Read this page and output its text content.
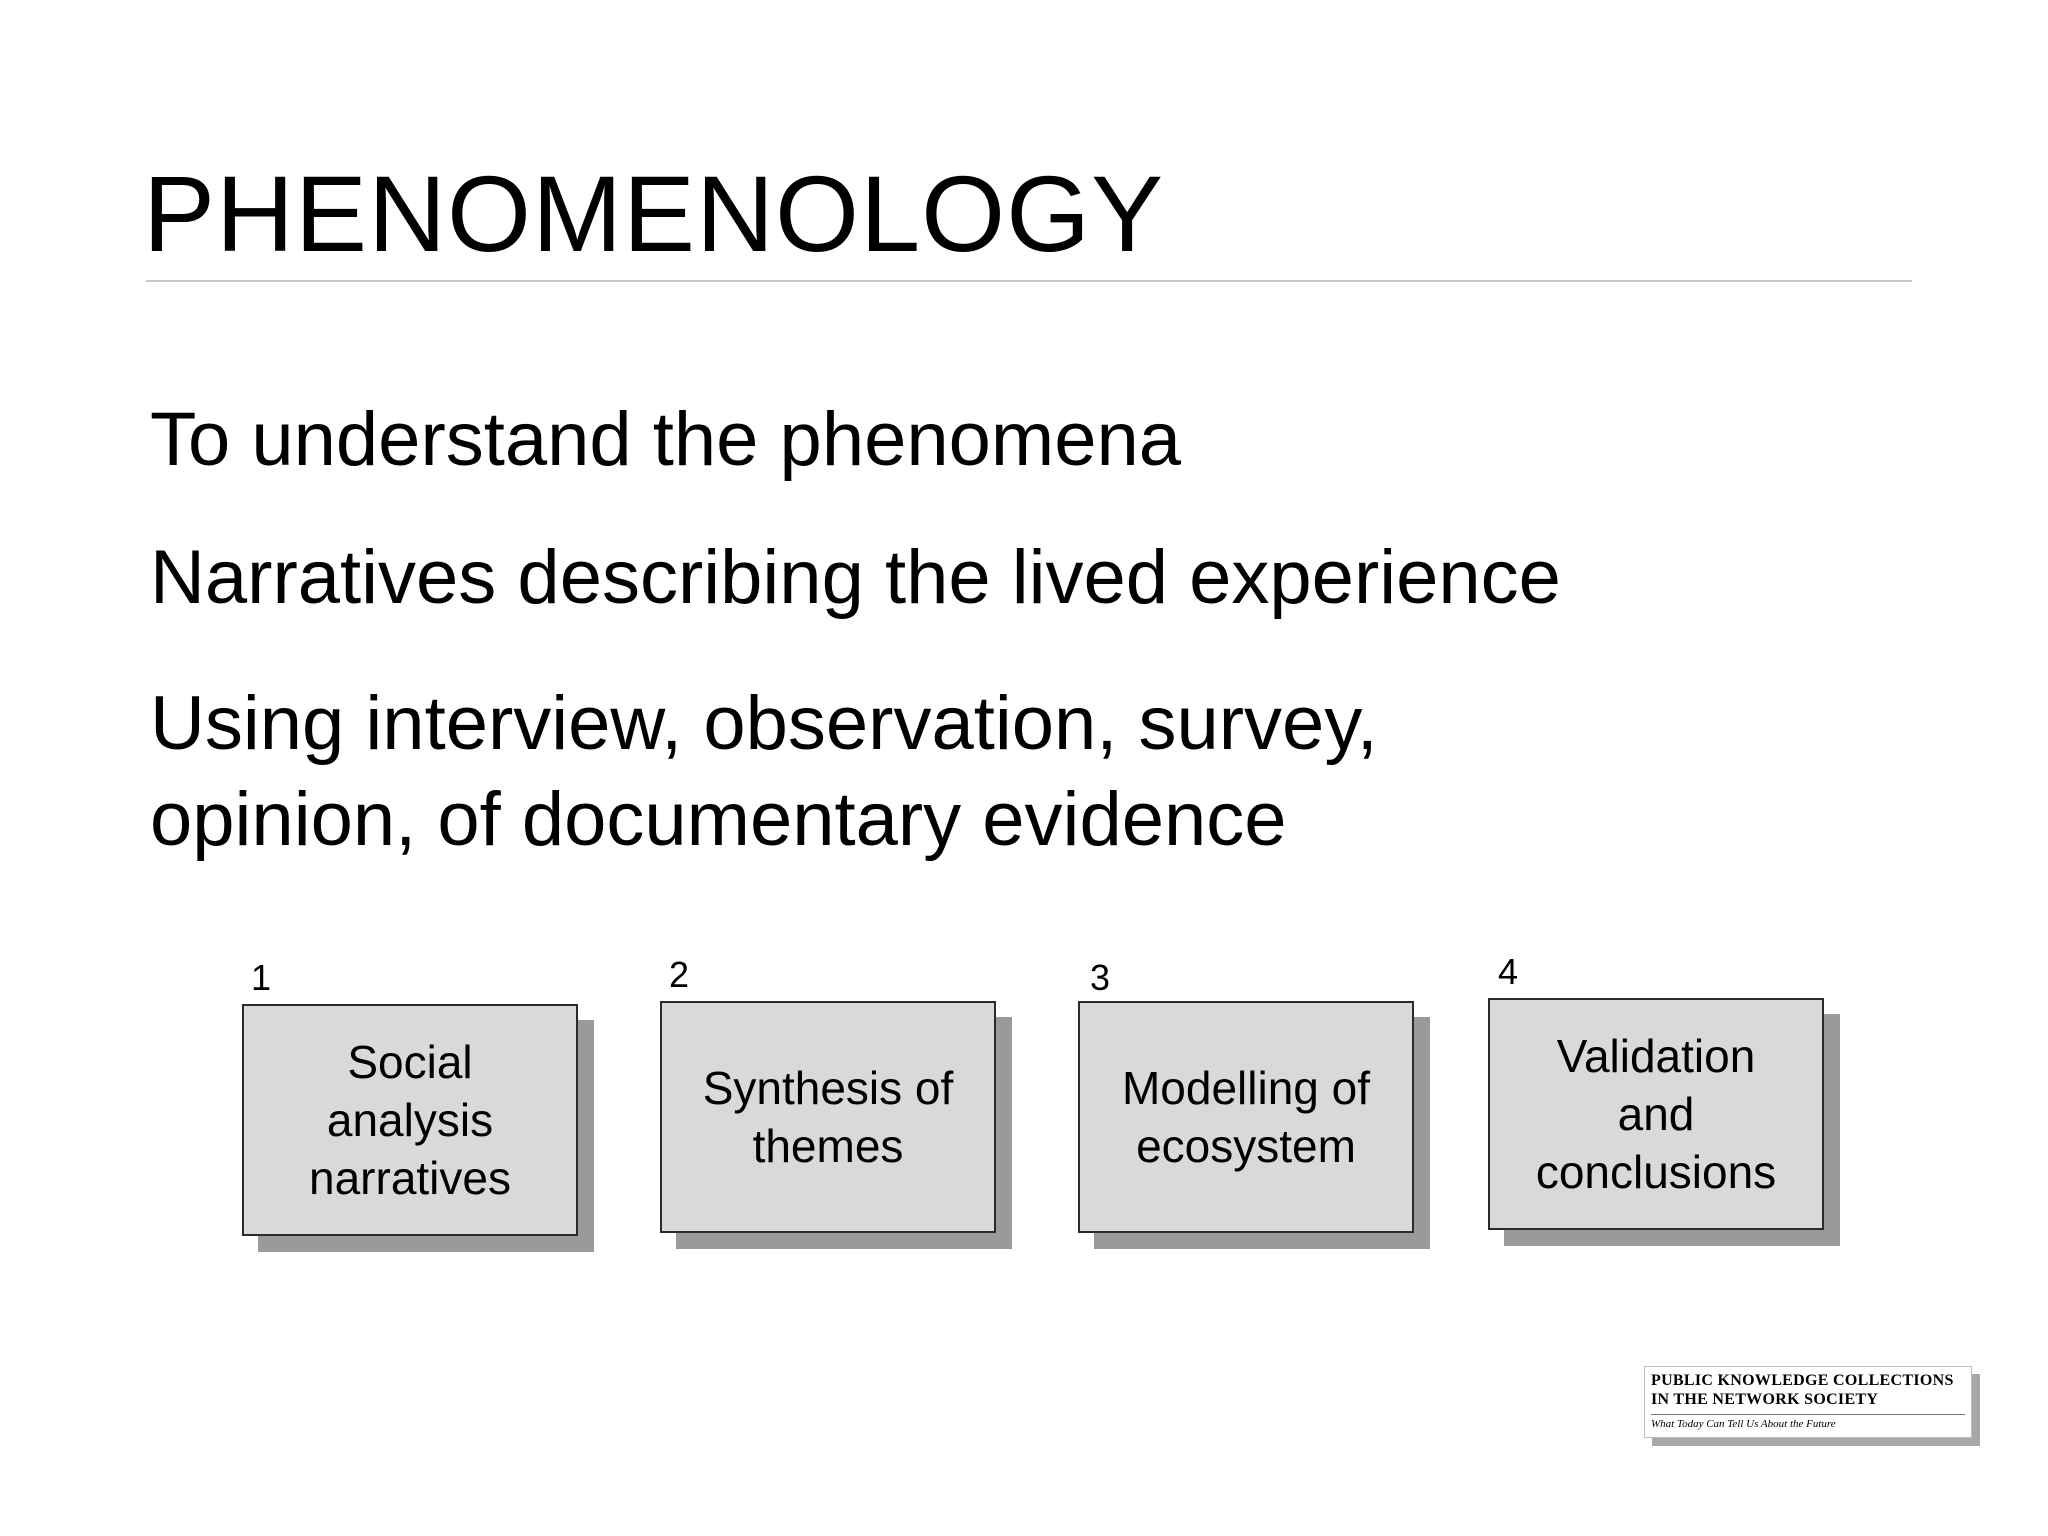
PHENOMENOLOGY
To understand the phenomena
Narratives describing the lived experience
Using interview, observation, survey,
opinion, of documentary evidence
1
Social
analysis
narratives
2
Synthesis of
themes
3
Modelling of
ecosystem
4
Validation
and
conclusions
PUBLIC KNOWLEDGE COLLECTIONS
IN THE NETWORK SOCIETY
What Today Can Tell Us About the Future
